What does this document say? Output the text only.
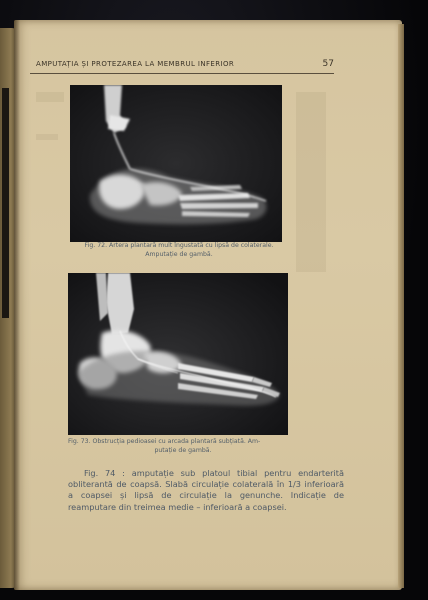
AMPUTAȚIA ȘI PROTEZAREA LA MEMBRUL INFERIOR	57
Fig. 72. Artera plantară mult îngustată cu lipsă de colaterale.
Amputație de gambă.
Fig. 73. Obstrucția pedioasei cu arcada plantară subțiată. Am-
putație de gambă.
Fig. 74 : amputație sub platoul tibial pentru endarterită obliterantă de coapsă. Slabă circulație colaterală în 1/3 inferioară a coapsei și lipsă de circulație la genunche. Indicație de reamputare din treimea medie – inferioară a coapsei.
